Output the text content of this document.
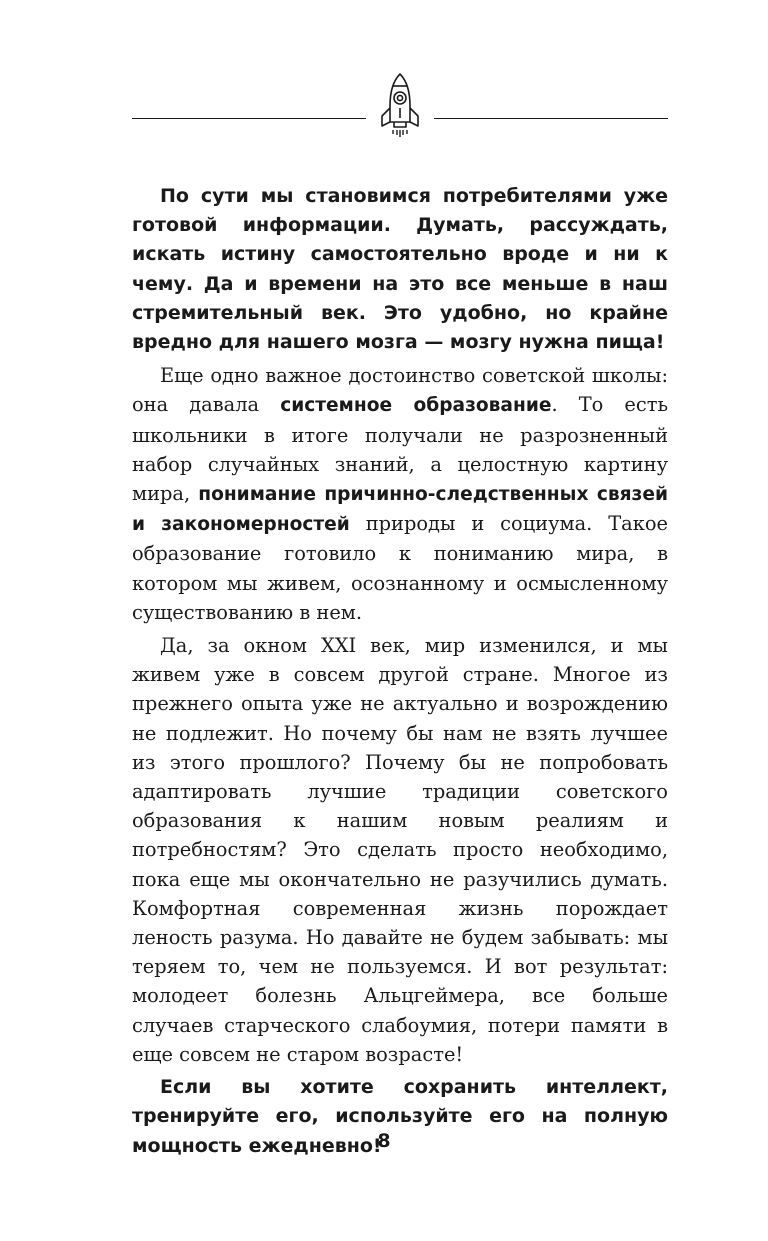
По сути мы становимся потребителями уже готовой информации. Думать, рассуждать, искать истину самостоятельно вроде и ни к чему. Да и времени на это все меньше в наш стремительный век. Это удобно, но крайне вредно для нашего мозга — мозгу нужна пища!

Еще одно важное достоинство советской школы: она давала системное образование. То есть школьники в итоге получали не разрозненный набор случайных знаний, а целостную картину мира, понимание причинно-следственных связей и закономерностей природы и социума. Такое образование готовило к пониманию мира, в котором мы живем, осознанному и осмысленному существованию в нем.

Да, за окном XXI век, мир изменился, и мы живем уже в совсем другой стране. Многое из прежнего опыта уже не актуально и возрождению не подлежит. Но почему бы нам не взять лучшее из этого прошлого? Почему бы не попробовать адаптировать лучшие традиции советского образования к нашим новым реалиям и потребностям? Это сделать просто необходимо, пока еще мы окончательно не разучились думать. Комфортная современная жизнь порождает леность разума. Но давайте не будем забывать: мы теряем то, чем не пользуемся. И вот результат: молодеет болезнь Альцгеймера, все больше случаев старческого слабоумия, потери памяти в еще совсем не старом возрасте!

Если вы хотите сохранить интеллект, тренируйте его, используйте его на полную мощность ежедневно!

8
